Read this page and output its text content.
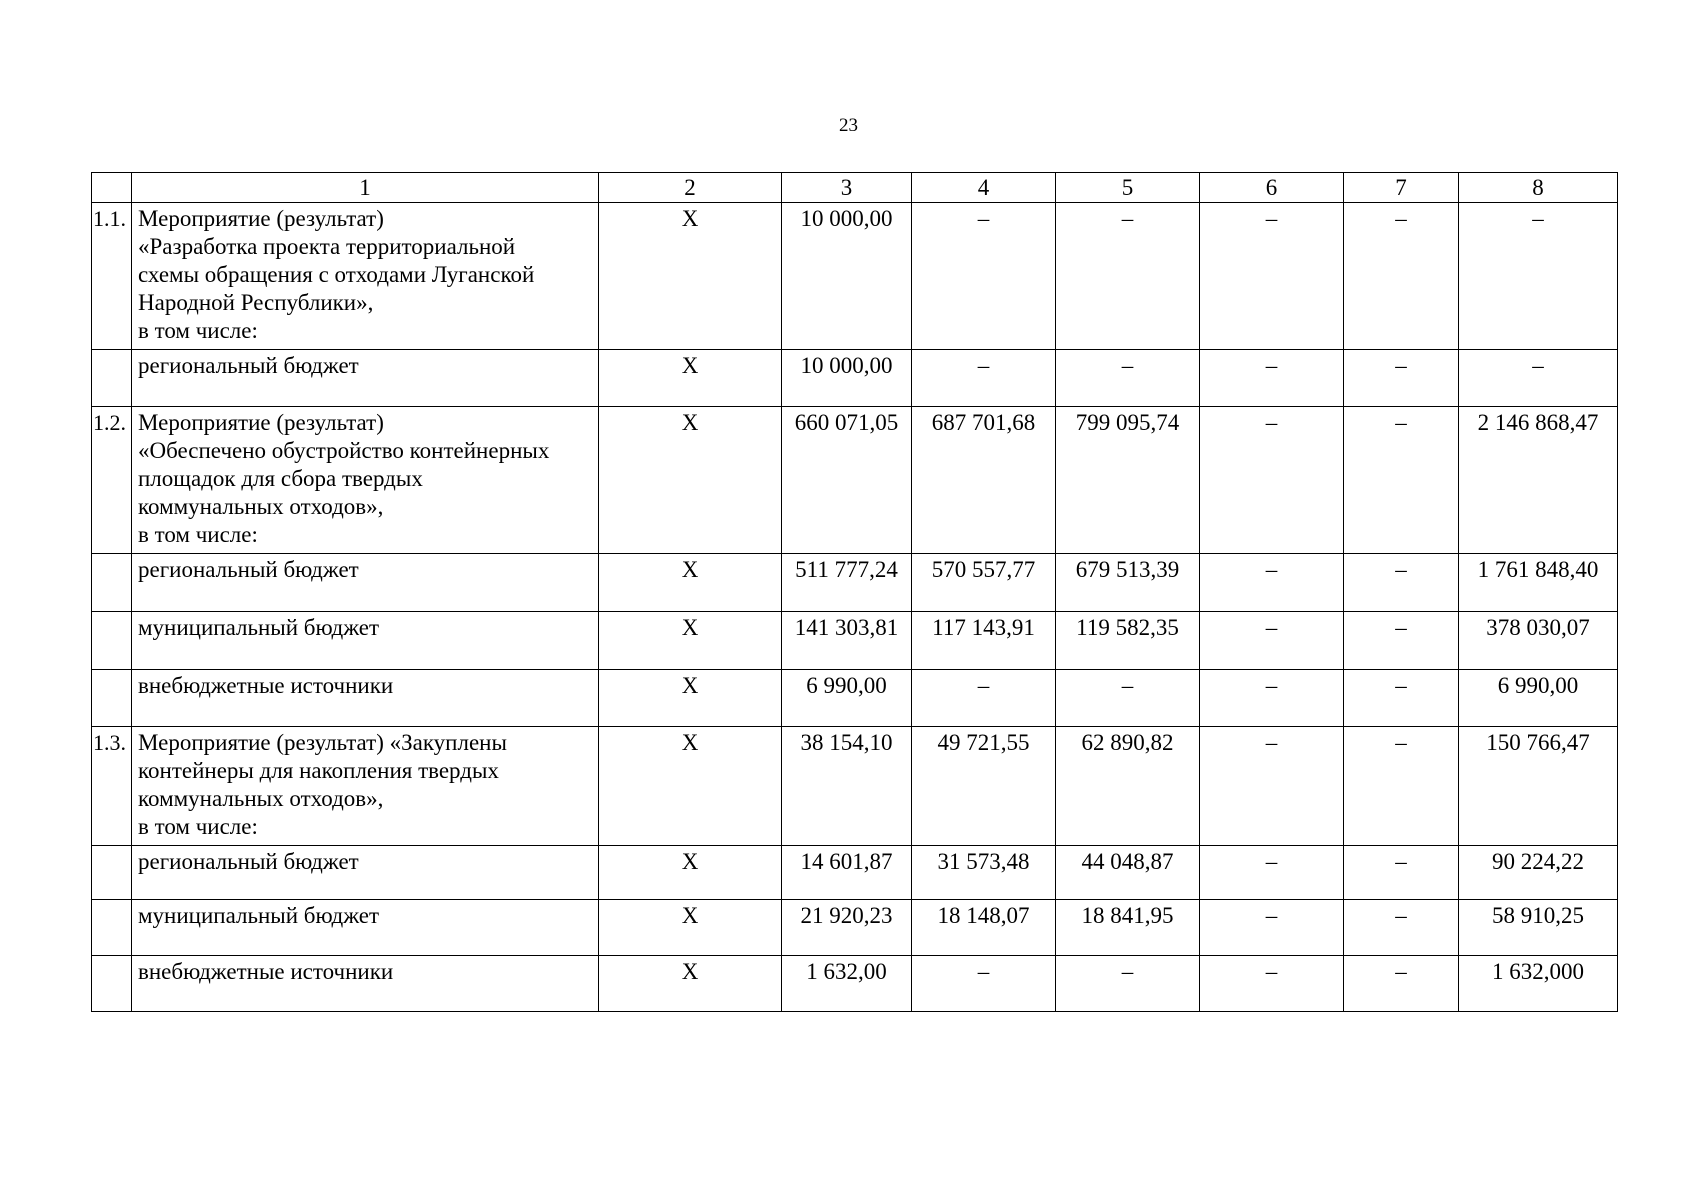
23
	1	2	3	4	5	6	7	8
1.1.	Мероприятие (результат)
«Разработка проекта территориальной
схемы обращения с отходами Луганской
Народной Республики»,
в том числе:	X	10 000,00	–	–	–	–	–

	региональный бюджет	X	10 000,00	–	–	–	–	–
1.2.	Мероприятие (результат)
«Обеспечено обустройство контейнерных
площадок для сбора твердых
коммунальных отходов»,
в том числе:	X	660 071,05	687 701,68	799 095,74	–	–	2 146 868,47

	региональный бюджет	X	511 777,24	570 557,77	679 513,39	–	–	1 761 848,40

	муниципальный бюджет	X	141 303,81	117 143,91	119 582,35	–	–	378 030,07

	внебюджетные источники	X	6 990,00	–	–	–	–	6 990,00
1.3.	Мероприятие (результат) «Закуплены
контейнеры для накопления твердых
коммунальных отходов»,
в том числе:	X	38 154,10	49 721,55	62 890,82	–	–	150 766,47

	региональный бюджет	X	14 601,87	31 573,48	44 048,87	–	–	90 224,22

	муниципальный бюджет	X	21 920,23	18 148,07	18 841,95	–	–	58 910,25

	внебюджетные источники	X	1 632,00	–	–	–	–	1 632,000
